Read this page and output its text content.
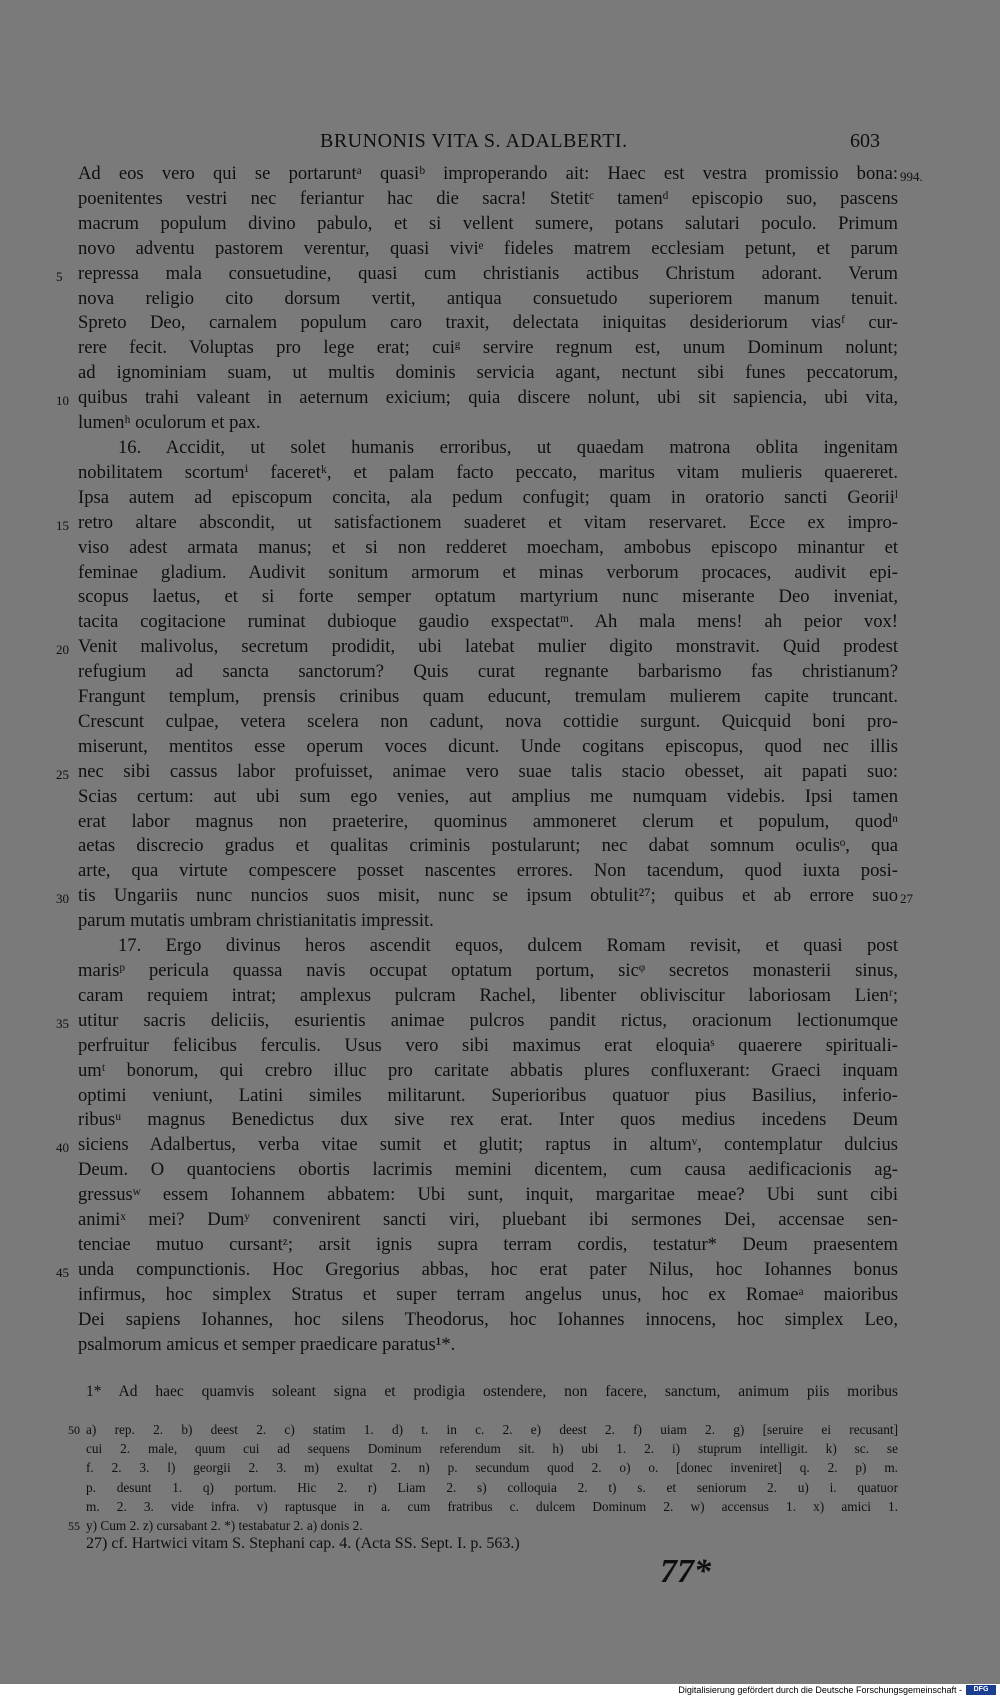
BRUNONIS VITA S. ADALBERTI.	603
Ad eos vero qui se portaruntᵃ quasiᵇ improperando ait: Haec est vestra promissio bona: 994.
poenitentes vestri nec feriantur hac die sacra! Stetitᶜ tamenᵈ episcopio suo, pascens
macrum populum divino pabulo, et si vellent sumere, potans salutari poculo. Primum
novo adventu pastorem verentur, quasi viviᵉ fideles matrem ecclesiam petunt, et parum
repressa mala consuetudine, quasi cum christianis actibus Christum adorant. Verum
5
nova religio cito dorsum vertit, antiqua consuetudo superiorem manum tenuit.
Spreto Deo, carnalem populum caro traxit, delectata iniquitas desideriorum viasᶠ cur-
rere fecit. Voluptas pro lege erat; cuiᵍ servire regnum est, unum Dominum nolunt;
ad ignominiam suam, ut multis dominis servicia agant, nectunt sibi funes peccatorum,
quibus trahi valeant in aeternum exicium; quia discere nolunt, ubi sit sapiencia, ubi vita,
10
lumenʰ oculorum et pax.
16. Accidit, ut solet humanis erroribus, ut quaedam matrona oblita ingenitam
nobilitatem scortumⁱ faceretᵏ, et palam facto peccato, maritus vitam mulieris quaereret.
Ipsa autem ad episcopum concita, ala pedum confugit; quam in oratorio sancti Georiiˡ
retro altare abscondit, ut satisfactionem suaderet et vitam reservaret. Ecce ex impro-
15
viso adest armata manus; et si non redderet moecham, ambobus episcopo minantur et
feminae gladium. Audivit sonitum armorum et minas verborum procaces, audivit epi-
scopus laetus, et si forte semper optatum martyrium nunc miserante Deo inveniat,
tacita cogitacione ruminat dubioque gaudio exspectatᵐ. Ah mala mens! ah peior vox!
Venit malivolus, secretum prodidit, ubi latebat mulier digito monstravit. Quid prodest
20
refugium ad sancta sanctorum? Quis curat regnante barbarismo fas christianum?
Frangunt templum, prensis crinibus quam educunt, tremulam mulierem capite truncant.
Crescunt culpae, vetera scelera non cadunt, nova cottidie surgunt. Quicquid boni pro-
miserunt, mentitos esse operum voces dicunt. Unde cogitans episcopus, quod nec illis
nec sibi cassus labor profuisset, animae vero suae talis stacio obesset, ait papati suo:
25
Scias certum: aut ubi sum ego venies, aut amplius me numquam videbis. Ipsi tamen
erat labor magnus non praeterire, quominus ammoneret clerum et populum, quodⁿ
aetas discrecio gradus et qualitas criminis postularunt; nec dabat somnum oculisᵒ, qua
arte, qua virtute compescere posset nascentes errores. Non tacendum, quod iuxta posi-
tis Ungariis nunc nuncios suos misit, nunc se ipsum obtulit²⁷; quibus et ab errore suo
30	27
parum mutatis umbram christianitatis impressit.
17. Ergo divinus heros ascendit equos, dulcem Romam revisit, et quasi post
marisᵖ pericula quassa navis occupat optatum portum, sicᵠ secretos monasterii sinus,
caram requiem intrat; amplexus pulcram Rachel, libenter obliviscitur laboriosam Lienʳ;
utitur sacris deliciis, esurientis animae pulcros pandit rictus, oracionum lectionumque
35
perfruitur felicibus ferculis. Usus vero sibi maximus erat eloquiaˢ quaerere spirituali-
umᵗ bonorum, qui crebro illuc pro caritate abbatis plures confluxerant: Graeci inquam
optimi veniunt, Latini similes militarunt. Superioribus quatuor pius Basilius, inferio-
ribusᵘ magnus Benedictus dux sive rex erat. Inter quos medius incedens Deum
siciens Adalbertus, verba vitae sumit et glutit; raptus in altumᵛ, contemplatur dulcius
40
Deum. O quantociens obortis lacrimis memini dicentem, cum causa aedificacionis ag-
gressusʷ essem Iohannem abbatem: Ubi sunt, inquit, margaritae meae? Ubi sunt cibi
animiˣ mei? Dumʸ convenirent sancti viri, pluebant ibi sermones Dei, accensae sen-
tenciae mutuo cursantᶻ; arsit ignis supra terram cordis, testatur* Deum praesentem
unda compunctionis. Hoc Gregorius abbas, hoc erat pater Nilus, hoc Iohannes bonus
45
infirmus, hoc simplex Stratus et super terram angelus unus, hoc ex Romaeᵃ maioribus
Dei sapiens Iohannes, hoc silens Theodorus, hoc Iohannes innocens, hoc simplex Leo,
psalmorum amicus et semper praedicare paratus¹*.
1* Ad haec quamvis soleant signa et prodigia ostendere, non facere, sanctum, animum piis moribus
a) rep. 2. b) deest 2. c) statim 1. d) t. in c. 2. e) deest 2. f) uiam 2. g) [seruire ei recusant]
50
cui 2. male, quum cui ad sequens Dominum referendum sit. h) ubi 1. 2. i) stuprum intelligit. k) sc. se
f. 2. 3. l) georgii 2. 3. m) exultat 2. n) p. secundum quod 2. o) o. [donec inveniret] q. 2. p) m.
p. desunt 1. q) portum. Hic 2. r) Liam 2. s) colloquia 2. t) s. et seniorum 2. u) i. quatuor
m. 2. 3. vide infra. v) raptusque in a. cum fratribus c. dulcem Dominum 2. w) accensus 1. x) amici 1.
y) Cum 2. z) cursabant 2. *) testabatur 2. a) donis 2.
55
27) cf. Hartwici vitam S. Stephani cap. 4. (Acta SS. Sept. I. p. 563.)
77*
Digitalisierung gefördert durch die Deutsche Forschungsgemeinschaft -	DFG
